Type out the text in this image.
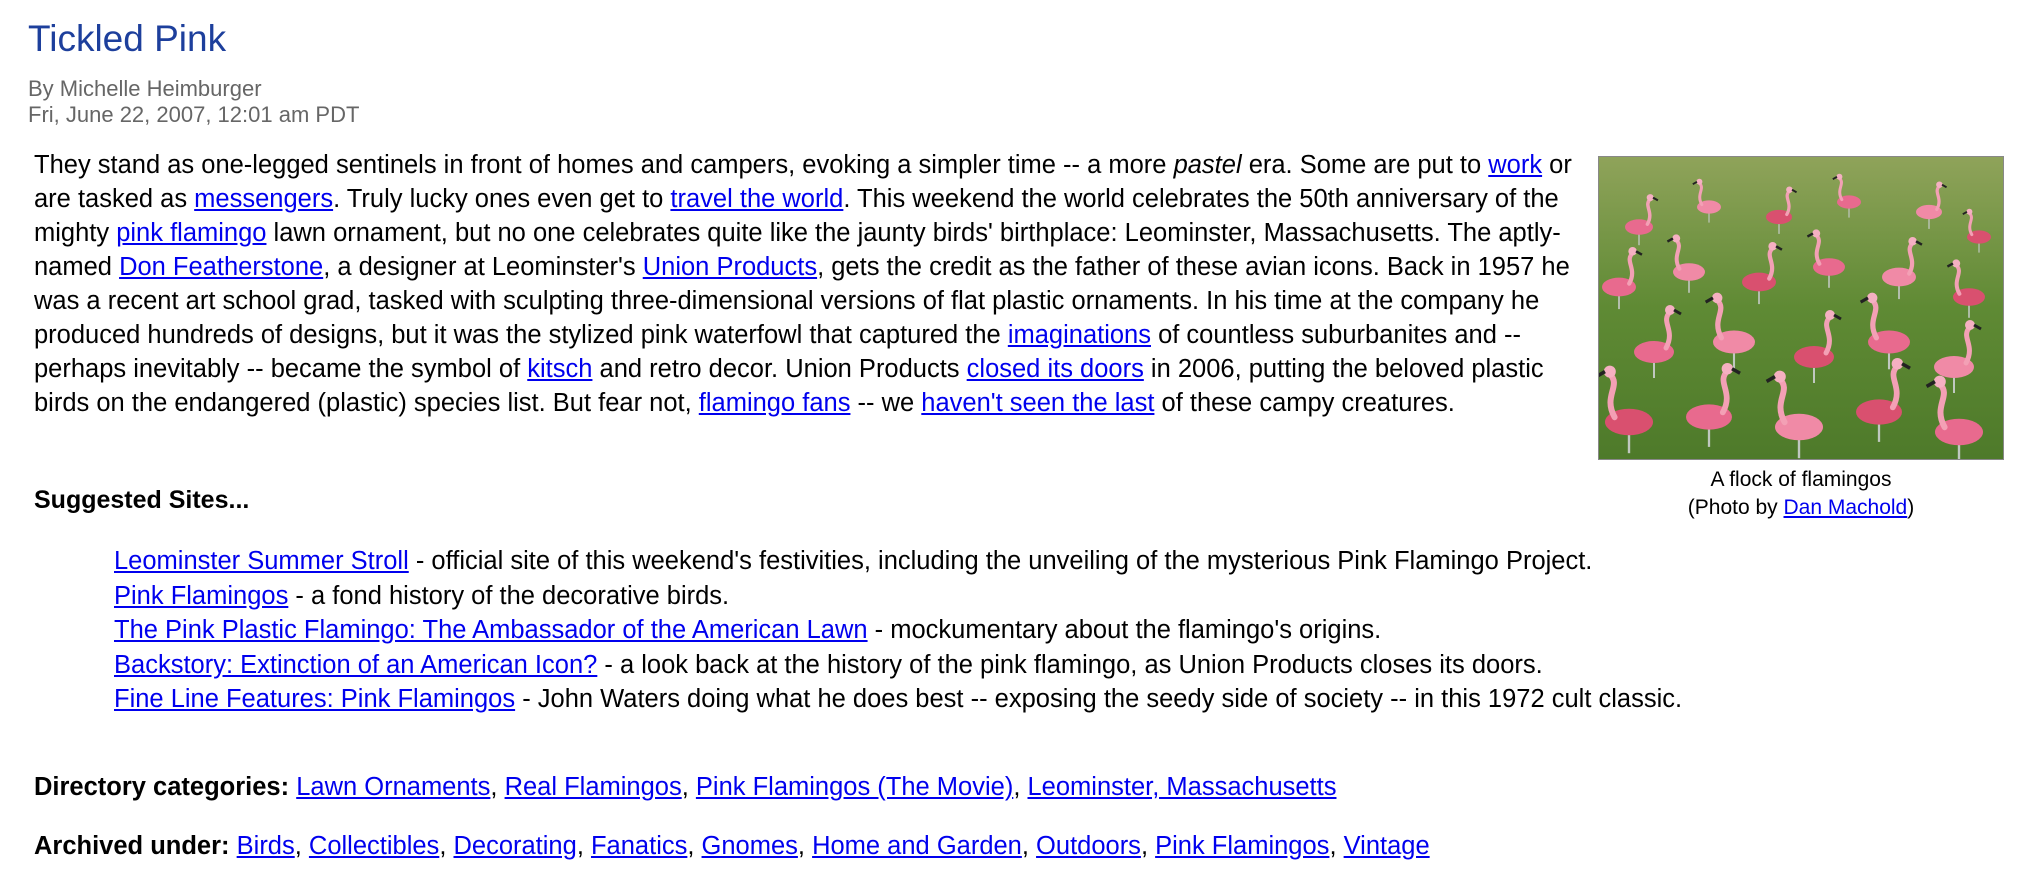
Tickled Pink
By Michelle Heimburger
Fri, June 22, 2007, 12:01 am PDT

They stand as one-legged sentinels in front of homes and campers, evoking a simpler time -- a more pastel era. Some are put to work or are tasked as messengers. Truly lucky ones even get to travel the world. This weekend the world celebrates the 50th anniversary of the mighty pink flamingo lawn ornament, but no one celebrates quite like the jaunty birds' birthplace: Leominster, Massachusetts. The aptly-named Don Featherstone, a designer at Leominster's Union Products, gets the credit as the father of these avian icons. Back in 1957 he was a recent art school grad, tasked with sculpting three-dimensional versions of flat plastic ornaments. In his time at the company he produced hundreds of designs, but it was the stylized pink waterfowl that captured the imaginations of countless suburbanites and -- perhaps inevitably -- became the symbol of kitsch and retro decor. Union Products closed its doors in 2006, putting the beloved plastic birds on the endangered (plastic) species list. But fear not, flamingo fans -- we haven't seen the last of these campy creatures.

A flock of flamingos
(Photo by Dan Machold)
Suggested Sites...
Leominster Summer Stroll - official site of this weekend's festivities, including the unveiling of the mysterious Pink Flamingo Project.
Pink Flamingos - a fond history of the decorative birds.
The Pink Plastic Flamingo: The Ambassador of the American Lawn - mockumentary about the flamingo's origins.
Backstory: Extinction of an American Icon? - a look back at the history of the pink flamingo, as Union Products closes its doors.
Fine Line Features: Pink Flamingos - John Waters doing what he does best -- exposing the seedy side of society -- in this 1972 cult classic.
Directory categories: Lawn Ornaments, Real Flamingos, Pink Flamingos (The Movie), Leominster, Massachusetts
Archived under: Birds, Collectibles, Decorating, Fanatics, Gnomes, Home and Garden, Outdoors, Pink Flamingos, Vintage
